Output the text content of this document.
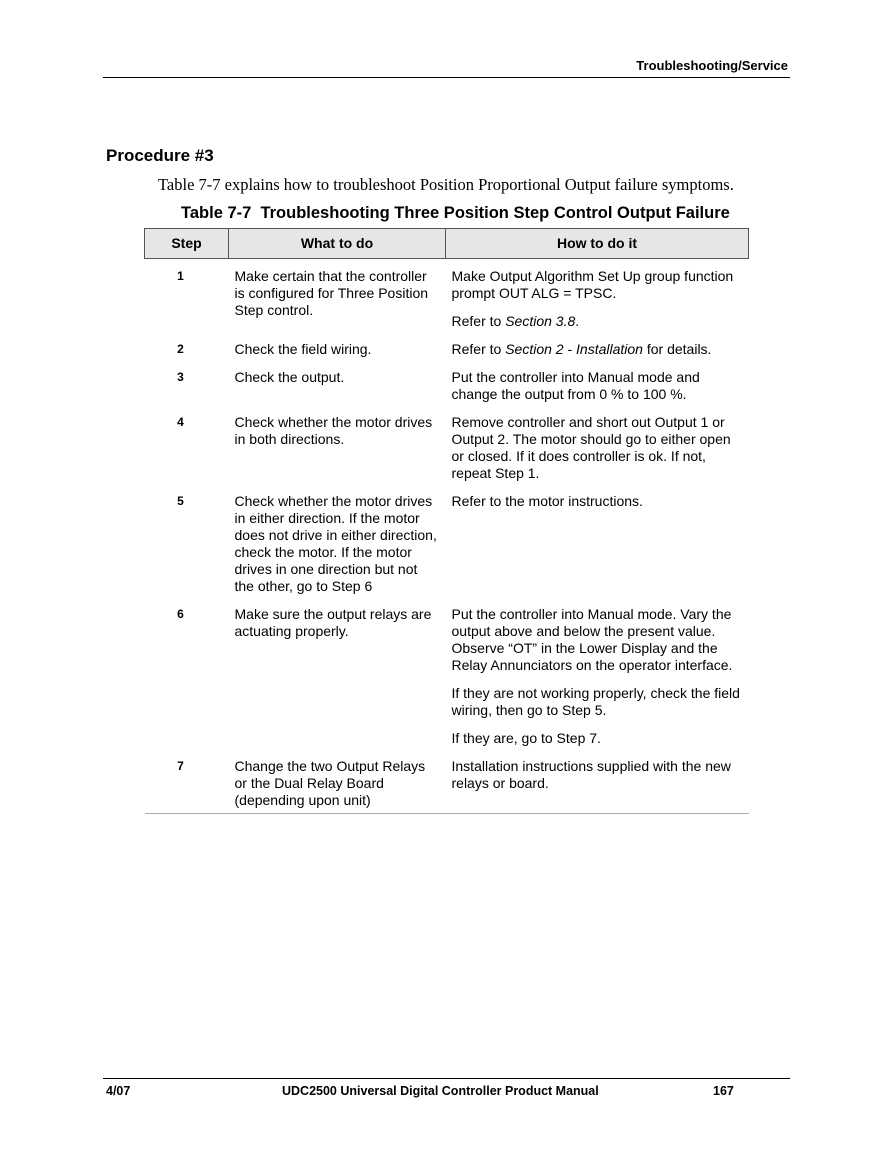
Troubleshooting/Service
Procedure #3
Table 7-7 explains how to troubleshoot Position Proportional Output failure symptoms.
Table 7-7  Troubleshooting Three Position Step Control Output Failure
Step	What to do	How to do it
1	Make certain that the controller is configured for Three Position Step control.	Make Output Algorithm Set Up group function prompt OUT ALG = TPSC.

Refer to Section 3.8.

2	Check the field wiring.	Refer to Section 2 - Installation for details.

3	Check the output.	Put the controller into Manual mode and change the output from 0 % to 100 %.

4	Check whether the motor drives in both directions.	Remove controller and short out Output 1 or Output 2. The motor should go to either open or closed. If it does controller is ok. If not, repeat Step 1.

5	Check whether the motor drives in either direction. If the motor does not drive in either direction, check the motor. If the motor drives in one direction but not the other, go to Step 6	Refer to the motor instructions.

6	Make sure the output relays are actuating properly.	Put the controller into Manual mode. Vary the output above and below the present value. Observe “OT” in the Lower Display and the Relay Annunciators on the operator interface.

If they are not working properly, check the field wiring, then go to Step 5.

If they are, go to Step 7.

7	Change the two Output Relays or the Dual Relay Board (depending upon unit)	Installation instructions supplied with the new relays or board.

4/07	UDC2500 Universal Digital Controller Product Manual	167
